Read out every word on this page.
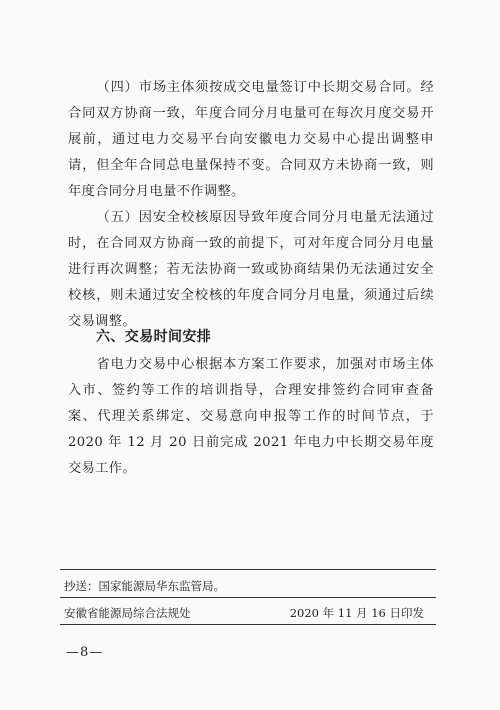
（四）市场主体须按成交电量签订中长期交易合同。经合同双方协商一致，年度合同分月电量可在每次月度交易开展前，通过电力交易平台向安徽电力交易中心提出调整申请，但全年合同总电量保持不变。合同双方未协商一致，则年度合同分月电量不作调整。

（五）因安全校核原因导致年度合同分月电量无法通过时，在合同双方协商一致的前提下，可对年度合同分月电量进行再次调整；若无法协商一致或协商结果仍无法通过安全校核，则未通过安全校核的年度合同分月电量，须通过后续交易调整。

六、交易时间安排

省电力交易中心根据本方案工作要求，加强对市场主体入市、签约等工作的培训指导，合理安排签约合同审查备案、代理关系绑定、交易意向申报等工作的时间节点，于 2020 年 12 月 20 日前完成 2021 年电力中长期交易年度交易工作。

抄送：国家能源局华东监管局。

安徽省能源局综合法规处	2020 年 11 月 16 日印发

—8—
